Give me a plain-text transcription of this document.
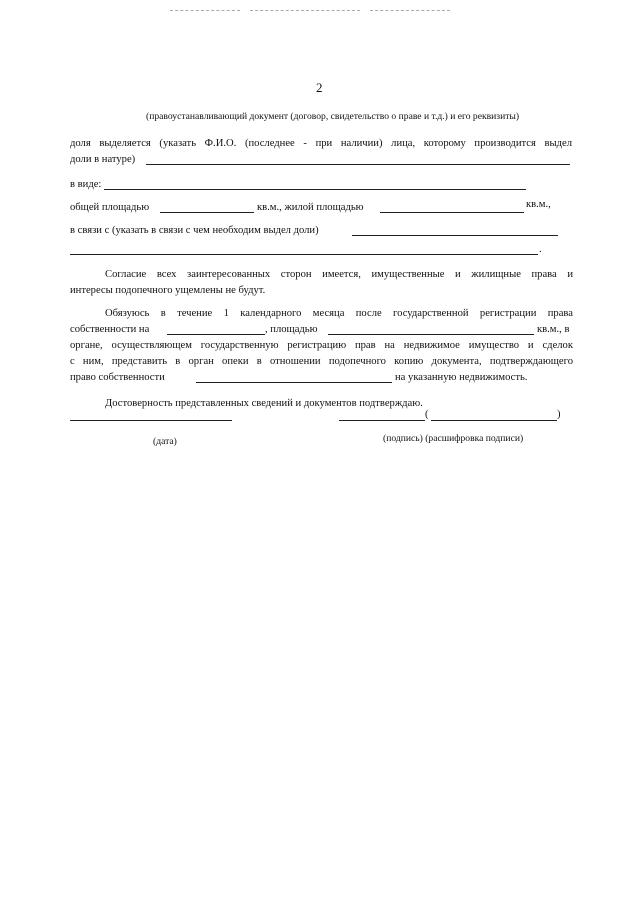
2
(правоустанавливающий документ (договор, свидетельство о праве и т.д.) и его реквизиты)
доля выделяется (указать Ф.И.О. (последнее - при наличии) лица, которому производится выдел
доли в натуре)
в виде:
общей площадью	кв.м., жилой площадью	кв.м.,
в связи с (указать в связи с чем необходим выдел доли)
.
Согласие всех заинтересованных сторон имеется, имущественные и жилищные права и
интересы подопечного ущемлены не будут.
Обязуюсь в течение 1 календарного месяца после государственной регистрации права
собственности на	, площадью	кв.м., в
органе, осуществляющем государственную регистрацию прав на недвижимое имущество и сделок
с ним, представить в орган опеки в отношении подопечного копию документа, подтверждающего
право собственности	на указанную недвижимость.
Достоверность представленных сведений и документов подтверждаю.
(	)
(дата)	(подпись) (расшифровка подписи)
